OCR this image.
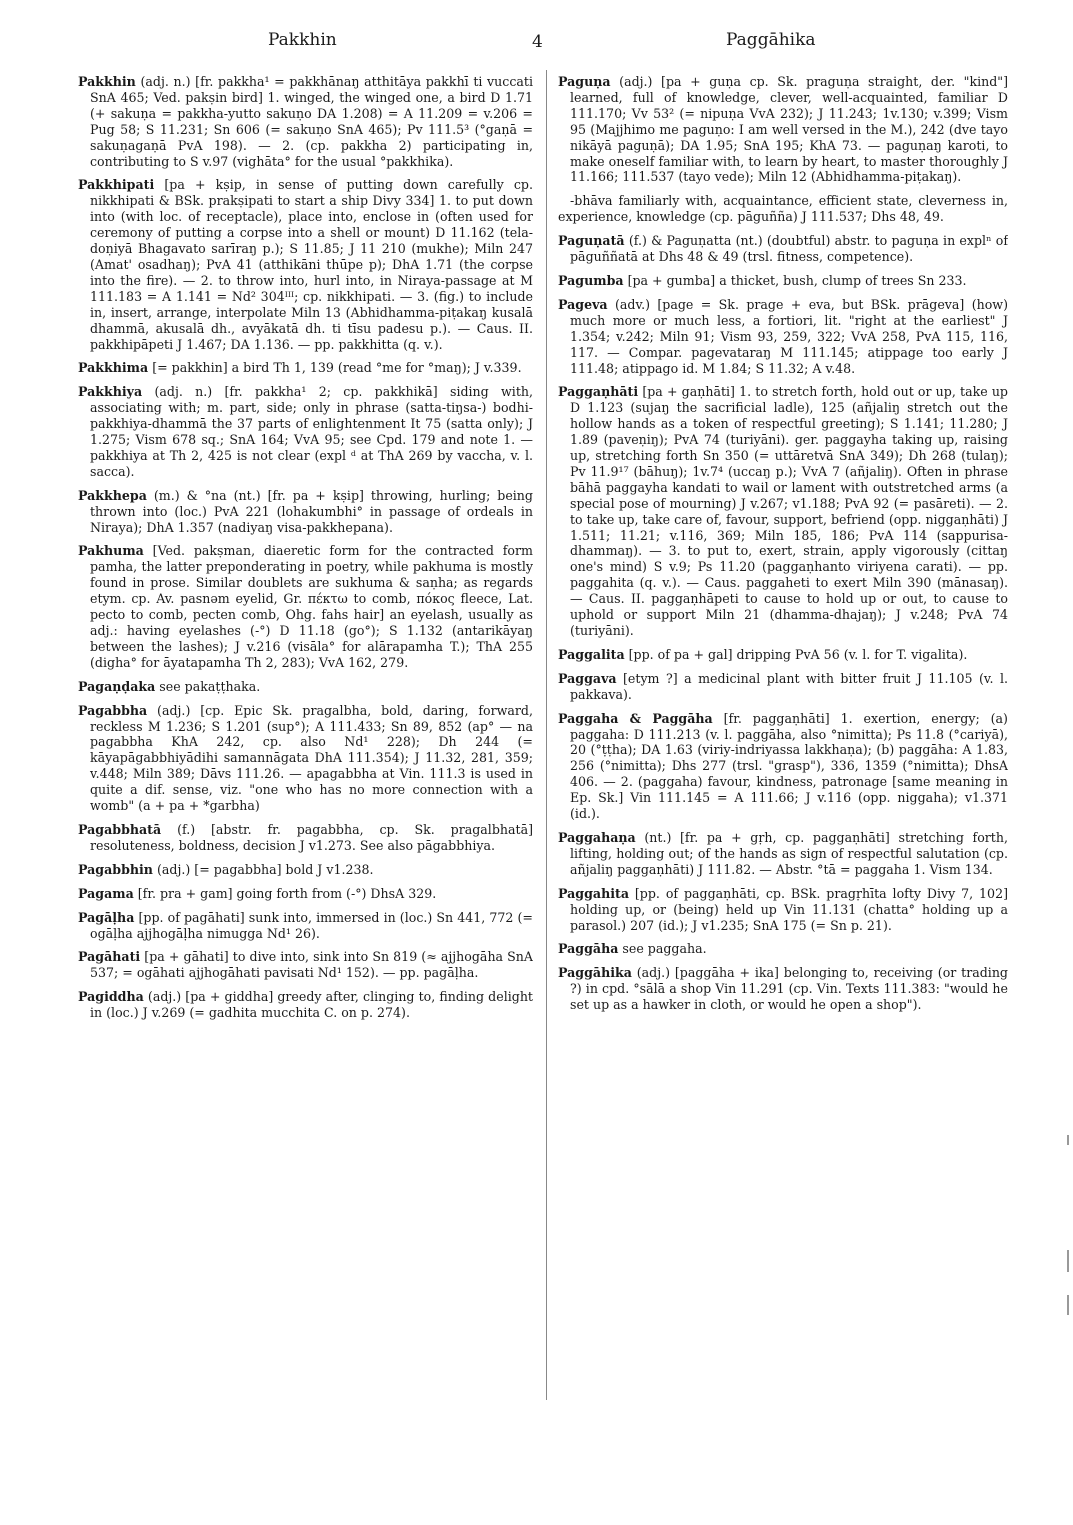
Pakkhin	4	Paggāhika

Pakkhin (adj. n.) [fr. pakkha¹ = pakkhānaŋ atthitāya pakkhī ti vuccati SnA 465; Ved. pakṣin bird] 1. winged, the winged one, a bird D 1.71 (+ sakuṇa = pakkha-yutto sakuṇo DA 1.208) = A 11.209 = v.206 = Pug 58; S 11.231; Sn 606 (= sakuṇo SnA 465); Pv 111.5³ (°gaṇā = sakuṇagaṇā PvA 198). — 2. (cp. pakkha 2) participating in, contributing to S v.97 (vighāta° for the usual °pakkhika).

Pakkhipati [pa + kṣip, in sense of putting down carefully cp. nikkhipati & BSk. prakṣipati to start a ship Divy 334] 1. to put down into (with loc. of receptacle), place into, enclose in (often used for ceremony of putting a corpse into a shell or mount) D 11.162 (tela-doṇiyā Bhagavato sarīraŋ p.); S 11.85; J 11 210 (mukhe); Miln 247 (Amat' osadhaŋ); PvA 41 (atthikāni thūpe p); DhA 1.71 (the corpse into the fire). — 2. to throw into, hurl into, in Niraya-passage at M 111.183 = A 1.141 = Nd² 304ᴵᴵᴵ; cp. nikkhipati. — 3. (fig.) to include in, insert, arrange, interpolate Miln 13 (Abhidhamma-piṭakaŋ kusalā dhammā, akusalā dh., avyākatā dh. ti tīsu padesu p.). — Caus. II. pakkhipāpeti J 1.467; DA 1.136. — pp. pakkhitta (q. v.).

Pakkhima [= pakkhin] a bird Th 1, 139 (read °me for °maŋ); J v.339.

Pakkhiya (adj. n.) [fr. pakkha¹ 2; cp. pakkhikā] siding with, associating with; m. part, side; only in phrase (satta-tiŋsa-) bodhi-pakkhiya-dhammā the 37 parts of enlightenment It 75 (satta only); J 1.275; Vism 678 sq.; SnA 164; VvA 95; see Cpd. 179 and note 1. — pakkhiya at Th 2, 425 is not clear (expl ᵈ at ThA 269 by vaccha, v. l. sacca).

Pakkhepa (m.) & °na (nt.) [fr. pa + kṣip] throwing, hurling; being thrown into (loc.) PvA 221 (lohakumbhi° in passage of ordeals in Niraya); DhA 1.357 (nadiyaŋ visa-pakkhepana).

Pakhuma [Ved. pakṣman, diaeretic form for the contracted form pamha, the latter preponderating in poetry, while pakhuma is mostly found in prose. Similar doublets are sukhuma & saṇha; as regards etym. cp. Av. pasnəm eyelid, Gr. πέκτω to comb, πόκος fleece, Lat. pecto to comb, pecten comb, Ohg. fahs hair] an eyelash, usually as adj.: having eyelashes (-°) D 11.18 (go°); S 1.132 (antarikāyaŋ between the lashes); J v.216 (visāla° for alārapamha T.); ThA 255 (digha° for āyatapamha Th 2, 283); VvA 162, 279.

Pagaṇḍaka see pakaṭṭhaka.

Pagabbha (adj.) [cp. Epic Sk. pragalbha, bold, daring, forward, reckless M 1.236; S 1.201 (sup°); A 111.433; Sn 89, 852 (ap° — na pagabbha KhA 242, cp. also Nd¹ 228); Dh 244 (= kāyapāgabbhiyādihi samannāgata DhA 111.354); J 11.32, 281, 359; v.448; Miln 389; Dāvs 111.26. — apagabbha at Vin. 111.3 is used in quite a dif. sense, viz. "one who has no more connection with a womb" (a + pa + *garbha)

Pagabbhatā (f.) [abstr. fr. pagabbha, cp. Sk. pragalbhatā] resoluteness, boldness, decision J v1.273. See also pāgabbhiya.

Pagabbhin (adj.) [= pagabbha] bold J v1.238.

Pagama [fr. pra + gam] going forth from (-°) DhsA 329.

Pagāḷha [pp. of pagāhati] sunk into, immersed in (loc.) Sn 441, 772 (= ogāḷha ajjhogāḷha nimugga Nd¹ 26).

Pagāhati [pa + gāhati] to dive into, sink into Sn 819 (≈ ajjhogāha SnA 537; = ogāhati ajjhogāhati pavisati Nd¹ 152). — pp. pagāḷha.

Pagiddha (adj.) [pa + giddha] greedy after, clinging to, finding delight in (loc.) J v.269 (= gadhita mucchita C. on p. 274).

Paguṇa (adj.) [pa + guṇa cp. Sk. praguṇa straight, der. "kind"] learned, full of knowledge, clever, well-acquainted, familiar D 111.170; Vv 53² (= nipuṇa VvA 232); J 11.243; 1v.130; v.399; Vism 95 (Majjhimo me paguṇo: I am well versed in the M.), 242 (dve tayo nikāyā paguṇā); DA 1.95; SnA 195; KhA 73. — paguṇaŋ karoti, to make oneself familiar with, to learn by heart, to master thoroughly J 11.166; 111.537 (tayo vede); Miln 12 (Abhidhamma-piṭakaŋ).

-bhāva familiarly with, acquaintance, efficient state, cleverness in, experience, knowledge (cp. pāguñña) J 111.537; Dhs 48, 49.

Paguṇatā (f.) & Paguṇatta (nt.) (doubtful) abstr. to paguṇa in explⁿ of pāguññatā at Dhs 48 & 49 (trsl. fitness, competence).

Pagumba [pa + gumba] a thicket, bush, clump of trees Sn 233.

Pageva (adv.) [page = Sk. prage + eva, but BSk. prāgeva] (how) much more or much less, a fortiori, lit. "right at the earliest" J 1.354; v.242; Miln 91; Vism 93, 259, 322; VvA 258, PvA 115, 116, 117. — Compar. pagevataraŋ M 111.145; atippage too early J 111.48; atippago id. M 1.84; S 11.32; A v.48.

Paggaṇhāti [pa + gaṇhāti] 1. to stretch forth, hold out or up, take up D 1.123 (sujaŋ the sacrificial ladle), 125 (añjaliŋ stretch out the hollow hands as a token of respectful greeting); S 1.141; 11.280; J 1.89 (paveṇiŋ); PvA 74 (turiyāni). ger. paggayha taking up, raising up, stretching forth Sn 350 (= uttāretvā SnA 349); Dh 268 (tulaŋ); Pv 11.9¹⁷ (bāhuŋ); 1v.7⁴ (uccaŋ p.); VvA 7 (añjaliŋ). Often in phrase bāhā paggayha kandati to wail or lament with outstretched arms (a special pose of mourning) J v.267; v1.188; PvA 92 (= pasāreti). — 2. to take up, take care of, favour, support, befriend (opp. niggaṇhāti) J 1.511; 11.21; v.116, 369; Miln 185, 186; PvA 114 (sappurisa-dhammaŋ). — 3. to put to, exert, strain, apply vigorously (cittaŋ one's mind) S v.9; Ps 11.20 (paggaṇhanto viriyena carati). — pp. paggahita (q. v.). — Caus. paggaheti to exert Miln 390 (mānasaŋ). — Caus. II. paggaṇhāpeti to cause to hold up or out, to cause to uphold or support Miln 21 (dhamma-dhajaŋ); J v.248; PvA 74 (turiyāni).

Paggalita [pp. of pa + gal] dripping PvA 56 (v. l. for T. vigalita).

Paggava [etym ?] a medicinal plant with bitter fruit J 11.105 (v. l. pakkava).

Paggaha & Paggāha [fr. paggaṇhāti] 1. exertion, energy; (a) paggaha: D 111.213 (v. l. paggāha, also °nimitta); Ps 11.8 (°cariyā), 20 (°ṭṭha); DA 1.63 (viriy-indriyassa lakkhaṇa); (b) paggāha: A 1.83, 256 (°nimitta); Dhs 277 (trsl. "grasp"), 336, 1359 (°nimitta); DhsA 406. — 2. (paggaha) favour, kindness, patronage [same meaning in Ep. Sk.] Vin 111.145 = A 111.66; J v.116 (opp. niggaha); v1.371 (id.).

Paggahaṇa (nt.) [fr. pa + gṛh, cp. paggaṇhāti] stretching forth, lifting, holding out; of the hands as sign of respectful salutation (cp. añjaliŋ paggaṇhāti) J 111.82. — Abstr. °tā = paggaha 1. Vism 134.

Paggahita [pp. of paggaṇhāti, cp. BSk. pragṛhīta lofty Divy 7, 102] holding up, or (being) held up Vin 11.131 (chatta° holding up a parasol.) 207 (id.); J v1.235; SnA 175 (= Sn p. 21).

Paggāha see paggaha.

Paggāhika (adj.) [paggāha + ika] belonging to, receiving (or trading ?) in cpd. °sālā a shop Vin 11.291 (cp. Vin. Texts 111.383: "would he set up as a hawker in cloth, or would he open a shop").
